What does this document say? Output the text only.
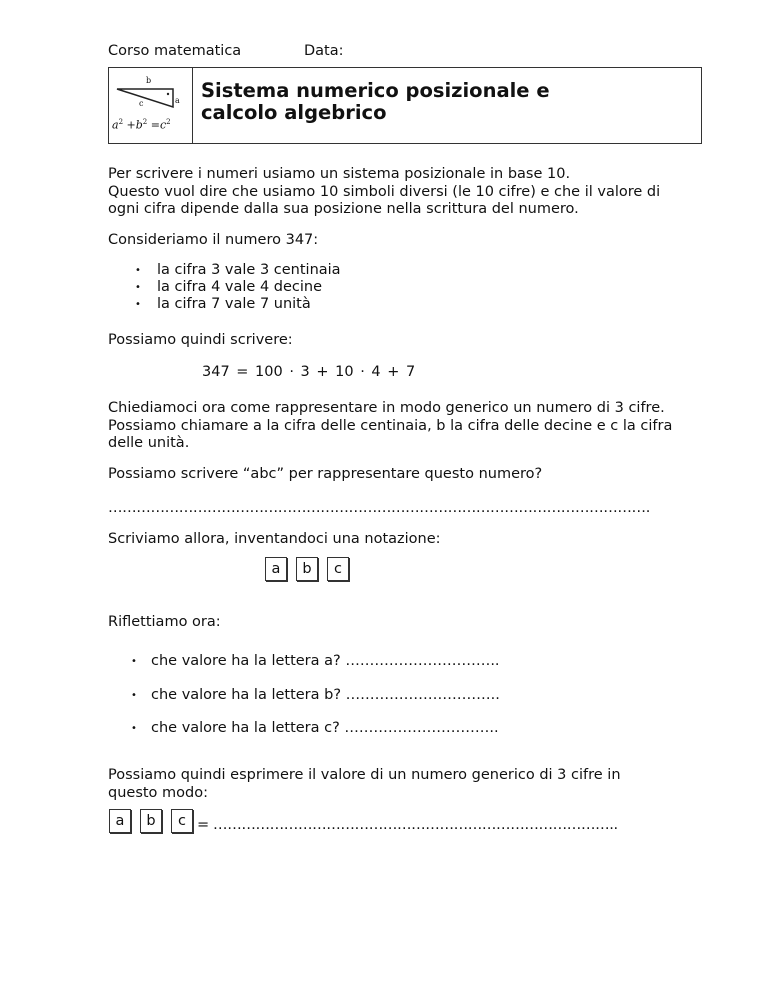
Corso matematica	Data:
b
a
c
$a^2 +b^2 =c^2$
Sistema numerico posizionale e
calcolo algebrico
Per scrivere i numeri usiamo un sistema posizionale in base 10.
Questo vuol dire che usiamo 10 simboli diversi (le 10 cifre) e che il valore di
ogni cifra dipende dalla sua posizione nella scrittura del numero.
Consideriamo il numero 347:
• la cifra 3 vale 3 centinaia
• la cifra 4 vale 4 decine
• la cifra 7 vale 7 unità
Possiamo quindi scrivere:
347 = 100 · 3 + 10 · 4 + 7
Chiediamoci ora come rappresentare in modo generico un numero di 3 cifre.
Possiamo chiamare a la cifra delle centinaia, b la cifra delle decine e c la cifra
delle unità.
Possiamo scrivere “abc” per rappresentare questo numero?
…………………………………………………………………………………………………….
Scriviamo allora, inventandoci una notazione:
a	b	c
Riflettiamo ora:
• che valore ha la lettera a? …………………………..
• che valore ha la lettera b? …………………………..
• che valore ha la lettera c? …………………………..
Possiamo quindi esprimere il valore di un numero generico di 3 cifre in
questo modo:
a	b	c = …………………………………………………………………………..
